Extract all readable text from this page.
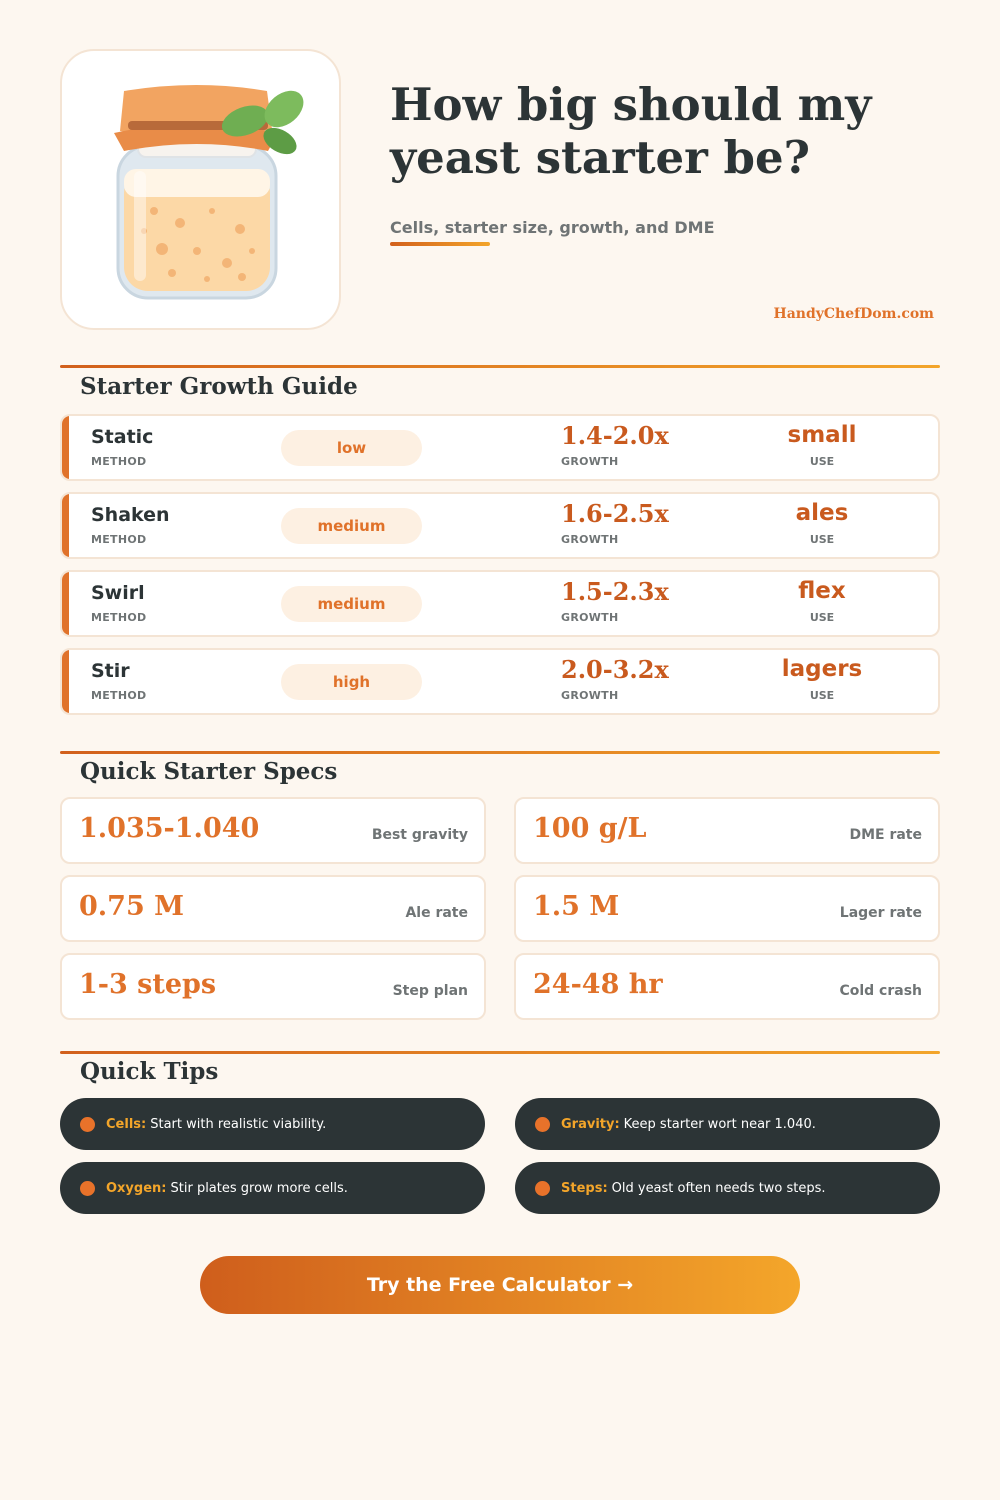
How big should my yeast starter be?
Cells, starter size, growth, and DME
HandyChefDom.com
Starter Growth Guide
Static
METHOD
low	1.4-2.0x
GROWTH
small
USE
Shaken
METHOD
medium	1.6-2.5x
GROWTH
ales
USE
Swirl
METHOD
medium	1.5-2.3x
GROWTH
flex
USE
Stir
METHOD
high	2.0-3.2x
GROWTH
lagers
USE
Quick Starter Specs
1.035-1.040	Best gravity 100 g/L	DME rate
0.75 M	Ale rate 1.5 M	Lager rate
1-3 steps	Step plan 24-48 hr	Cold crash
Quick Tips
Cells: Start with realistic viability.	Gravity: Keep starter wort near 1.040.
Oxygen: Stir plates grow more cells.	Steps: Old yeast often needs two steps.
Try the Free Calculator →
